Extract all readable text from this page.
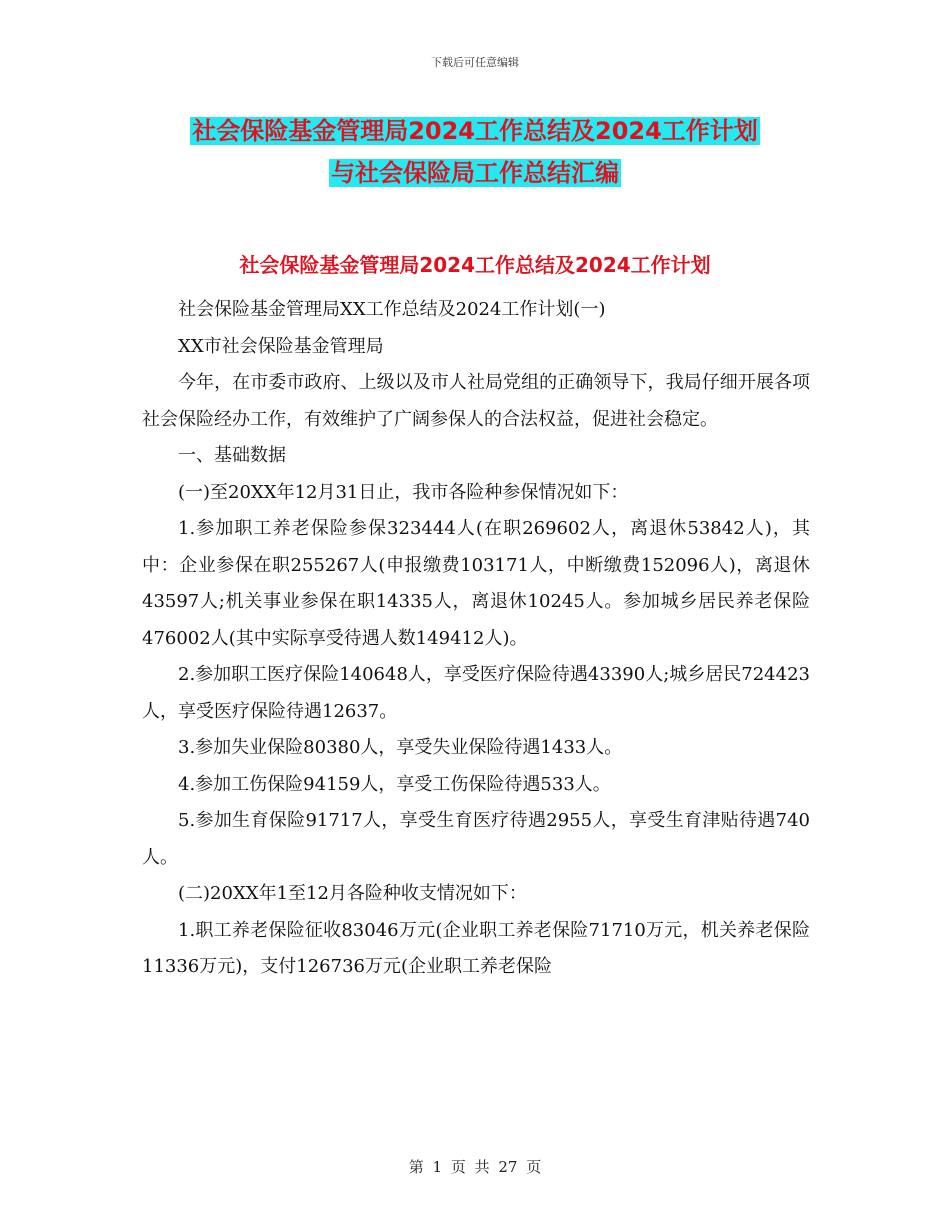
下载后可任意编辑
社会保险基金管理局2024工作总结及2024工作计划
与社会保险局工作总结汇编
社会保险基金管理局2024工作总结及2024工作计划

社会保险基金管理局XX工作总结及2024工作计划(一)

XX市社会保险基金管理局

今年，在市委市政府、上级以及市人社局党组的正确领导下，我局仔细开展各项社会保险经办工作，有效维护了广阔参保人的合法权益，促进社会稳定。

一、基础数据

(一)至20XX年12月31日止，我市各险种参保情况如下：

1.参加职工养老保险参保323444人(在职269602人，离退休53842人)，其中：企业参保在职255267人(申报缴费103171人，中断缴费152096人)，离退休43597人;机关事业参保在职14335人，离退休10245人。参加城乡居民养老保险476002人(其中实际享受待遇人数149412人)。

2.参加职工医疗保险140648人，享受医疗保险待遇43390人;城乡居民724423人，享受医疗保险待遇12637。

3.参加失业保险80380人，享受失业保险待遇1433人。

4.参加工伤保险94159人，享受工伤保险待遇533人。

5.参加生育保险91717人，享受生育医疗待遇2955人，享受生育津贴待遇740人。

(二)20XX年1至12月各险种收支情况如下：

1.职工养老保险征收83046万元(企业职工养老保险71710万元，机关养老保险11336万元)，支付126736万元(企业职工养老保险

第 1 页 共 27 页
